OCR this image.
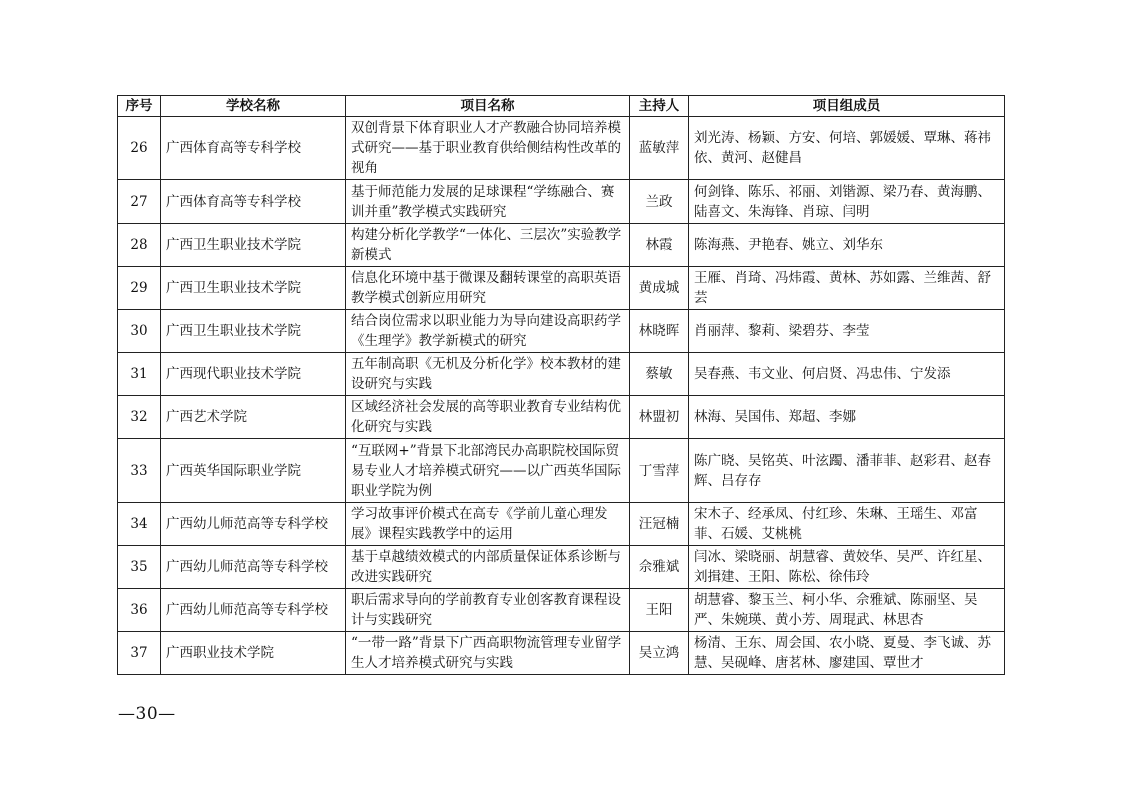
序号	学校名称	项目名称	主持人	项目组成员
26	广西体育高等专科学校	双创背景下体育职业人才产教融合协同培养模式研究——基于职业教育供给侧结构性改革的视角	蓝敏萍	刘光涛、杨颖、方安、何培、郭媛媛、覃琳、蒋祎依、黄河、赵健昌
27	广西体育高等专科学校	基于师范能力发展的足球课程“学练融合、赛训并重”教学模式实践研究	兰政	何剑锋、陈乐、祁丽、刘锴源、梁乃春、黄海鹏、陆喜文、朱海锋、肖琼、闫明
28	广西卫生职业技术学院	构建分析化学教学“一体化、三层次”实验教学新模式	林霞	陈海燕、尹艳春、姚立、刘华东
29	广西卫生职业技术学院	信息化环境中基于微课及翻转课堂的高职英语教学模式创新应用研究	黄成城	王雁、肖琦、冯炜霞、黄林、苏如露、兰维茜、舒芸
30	广西卫生职业技术学院	结合岗位需求以职业能力为导向建设高职药学《生理学》教学新模式的研究	林晓晖	肖丽萍、黎莉、梁碧芬、李莹
31	广西现代职业技术学院	五年制高职《无机及分析化学》校本教材的建设研究与实践	蔡敏	吴春燕、韦文业、何启贤、冯忠伟、宁发添
32	广西艺术学院	区域经济社会发展的高等职业教育专业结构优化研究与实践	林盟初	林海、吴国伟、郑超、李娜
33	广西英华国际职业学院	“互联网+”背景下北部湾民办高职院校国际贸易专业人才培养模式研究——以广西英华国际职业学院为例	丁雪萍	陈广晓、吴铭英、叶泫躅、潘菲菲、赵彩君、赵春辉、吕存存
34	广西幼儿师范高等专科学校	学习故事评价模式在高专《学前儿童心理发展》课程实践教学中的运用	汪冠楠	宋木子、经承凤、付红珍、朱琳、王瑶生、邓富菲、石媛、艾桃桃
35	广西幼儿师范高等专科学校	基于卓越绩效模式的内部质量保证体系诊断与改进实践研究	佘雅斌	闫冰、梁晓丽、胡慧睿、黄姣华、吴严、许红星、刘揖建、王阳、陈松、徐伟玲
36	广西幼儿师范高等专科学校	职后需求导向的学前教育专业创客教育课程设计与实践研究	王阳	胡慧睿、黎玉兰、柯小华、佘雅斌、陈丽坚、吴严、朱婉瑛、黄小芳、周琨武、林思杏
37	广西职业技术学院	“一带一路”背景下广西高职物流管理专业留学生人才培养模式研究与实践	吴立鸿	杨清、王东、周会国、农小晓、夏曼、李飞诚、苏慧、吴砚峰、唐茗林、廖建国、覃世才
—30—
